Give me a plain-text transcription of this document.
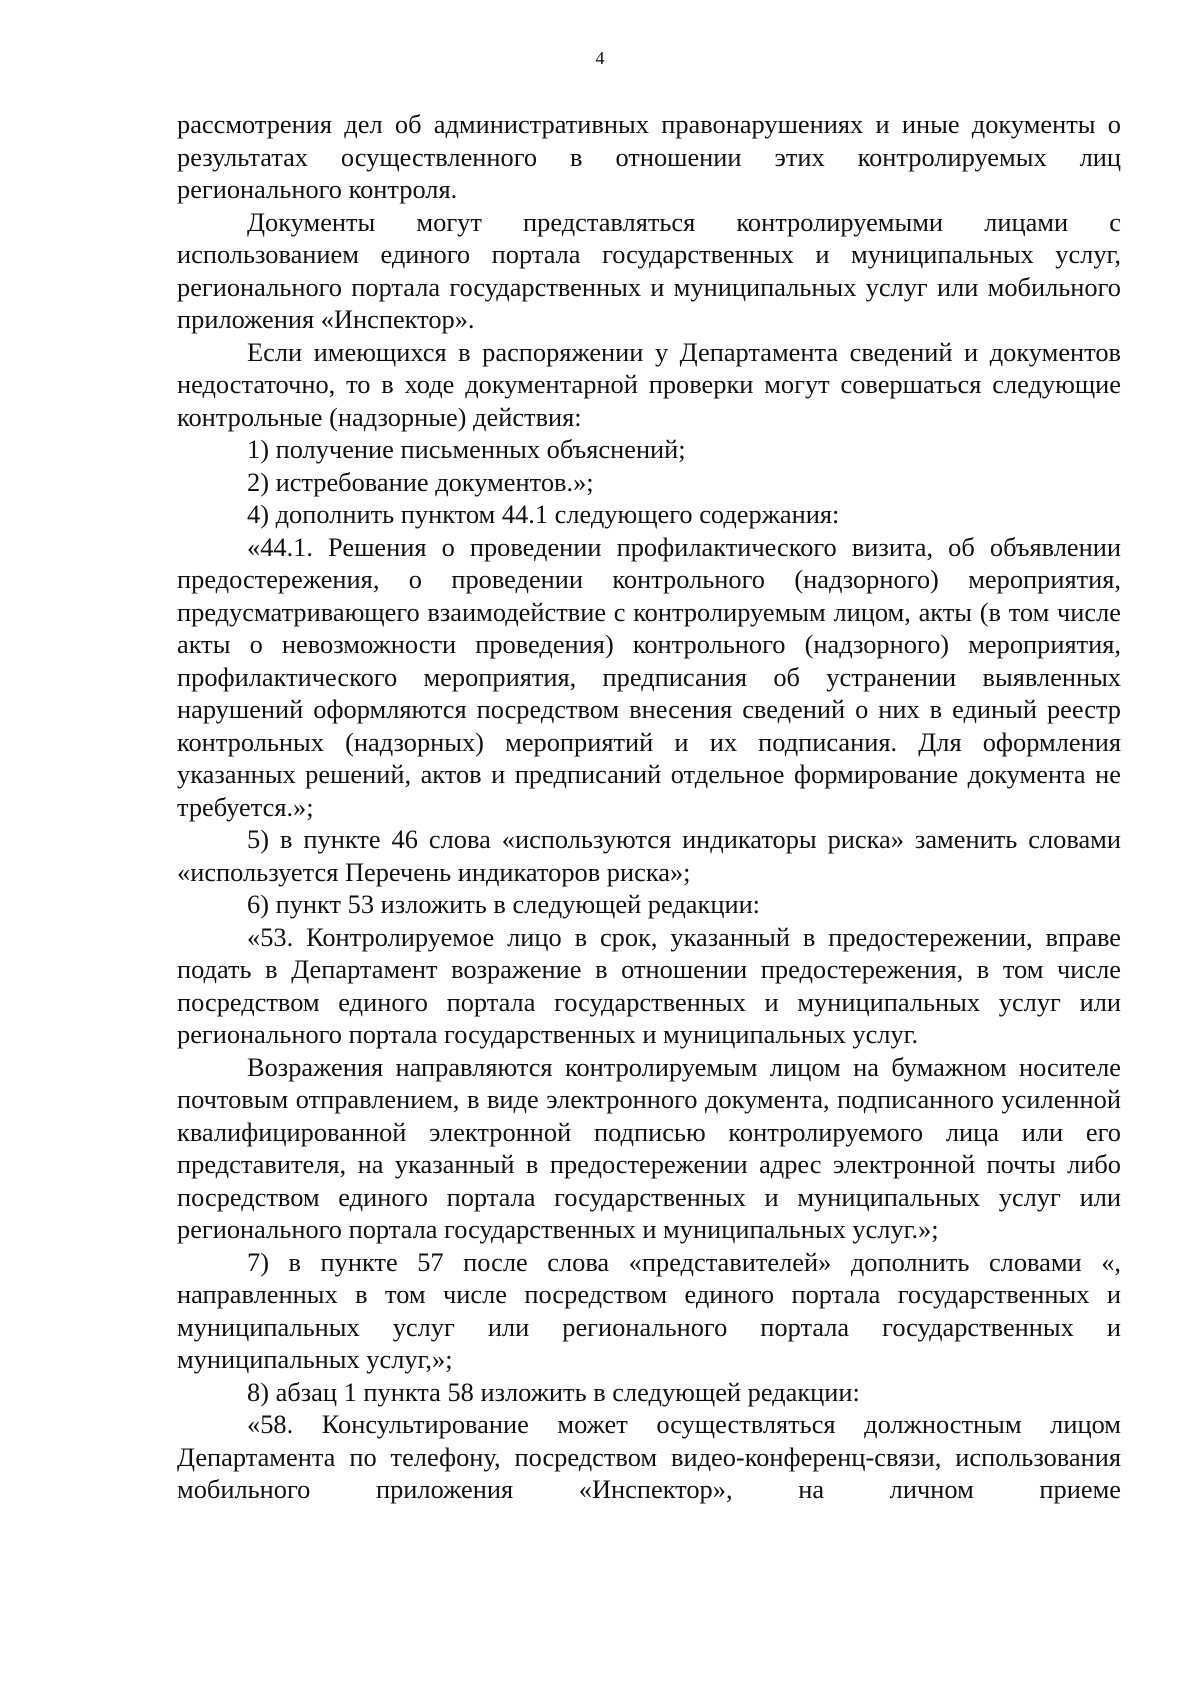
4

рассмотрения дел об административных правонарушениях и иные документы о результатах осуществленного в отношении этих контролируемых лиц регионального контроля.

Документы могут представляться контролируемыми лицами с использованием единого портала государственных и муниципальных услуг, регионального портала государственных и муниципальных услуг или мобильного приложения «Инспектор».

Если имеющихся в распоряжении у Департамента сведений и документов недостаточно, то в ходе документарной проверки могут совершаться следующие контрольные (надзорные) действия:

1) получение письменных объяснений;

2) истребование документов.»;

4) дополнить пунктом 44.1 следующего содержания:

«44.1. Решения о проведении профилактического визита, об объявлении предостережения, о проведении контрольного (надзорного) мероприятия, предусматривающего взаимодействие с контролируемым лицом, акты (в том числе акты о невозможности проведения) контрольного (надзорного) мероприятия, профилактического мероприятия, предписания об устранении выявленных нарушений оформляются посредством внесения сведений о них в единый реестр контрольных (надзорных) мероприятий и их подписания. Для оформления указанных решений, актов и предписаний отдельное формирование документа не требуется.»;

5) в пункте 46 слова «используются индикаторы риска» заменить словами «используется Перечень индикаторов риска»;

6) пункт 53 изложить в следующей редакции:

«53. Контролируемое лицо в срок, указанный в предостережении, вправе подать в Департамент возражение в отношении предостережения, в том числе посредством единого портала государственных и муниципальных услуг или регионального портала государственных и муниципальных услуг.

Возражения направляются контролируемым лицом на бумажном носителе почтовым отправлением, в виде электронного документа, подписанного усиленной квалифицированной электронной подписью контролируемого лица или его представителя, на указанный в предостережении адрес электронной почты либо посредством единого портала государственных и муниципальных услуг или регионального портала государственных и муниципальных услуг.»;

7) в пункте 57 после слова «представителей» дополнить словами «, направленных в том числе посредством единого портала государственных и муниципальных услуг или регионального портала государственных и муниципальных услуг,»;

8) абзац 1 пункта 58 изложить в следующей редакции:

«58. Консультирование может осуществляться должностным лицом Департамента по телефону, посредством видео-конференц-связи, использования мобильного приложения «Инспектор», на личном приеме
